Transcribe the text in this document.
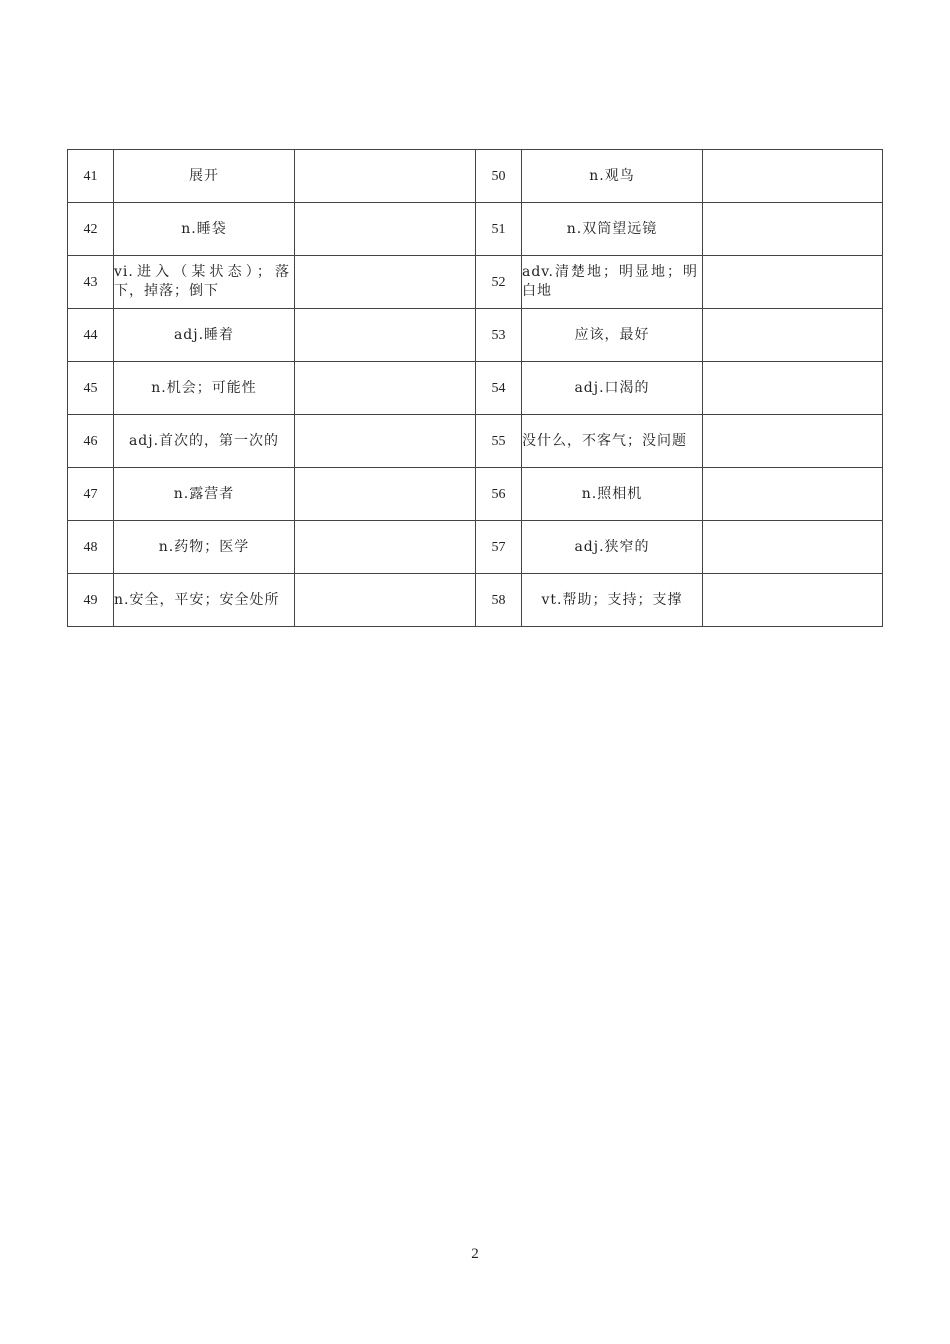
41	展开		50	n.观鸟	
42	n.睡袋		51	n.双筒望远镜	
43	vi.进入（某状态）；落下，掉落；倒下		52	adv.清楚地；明显地；明白地	
44	adj.睡着		53	应该，最好	
45	n.机会；可能性		54	adj.口渴的	
46	adj.首次的，第一次的		55	没什么，不客气；没问题	
47	n.露营者		56	n.照相机	
48	n.药物；医学		57	adj.狭窄的	
49	n.安全，平安；安全处所		58	vt.帮助；支持；支撑	
2
